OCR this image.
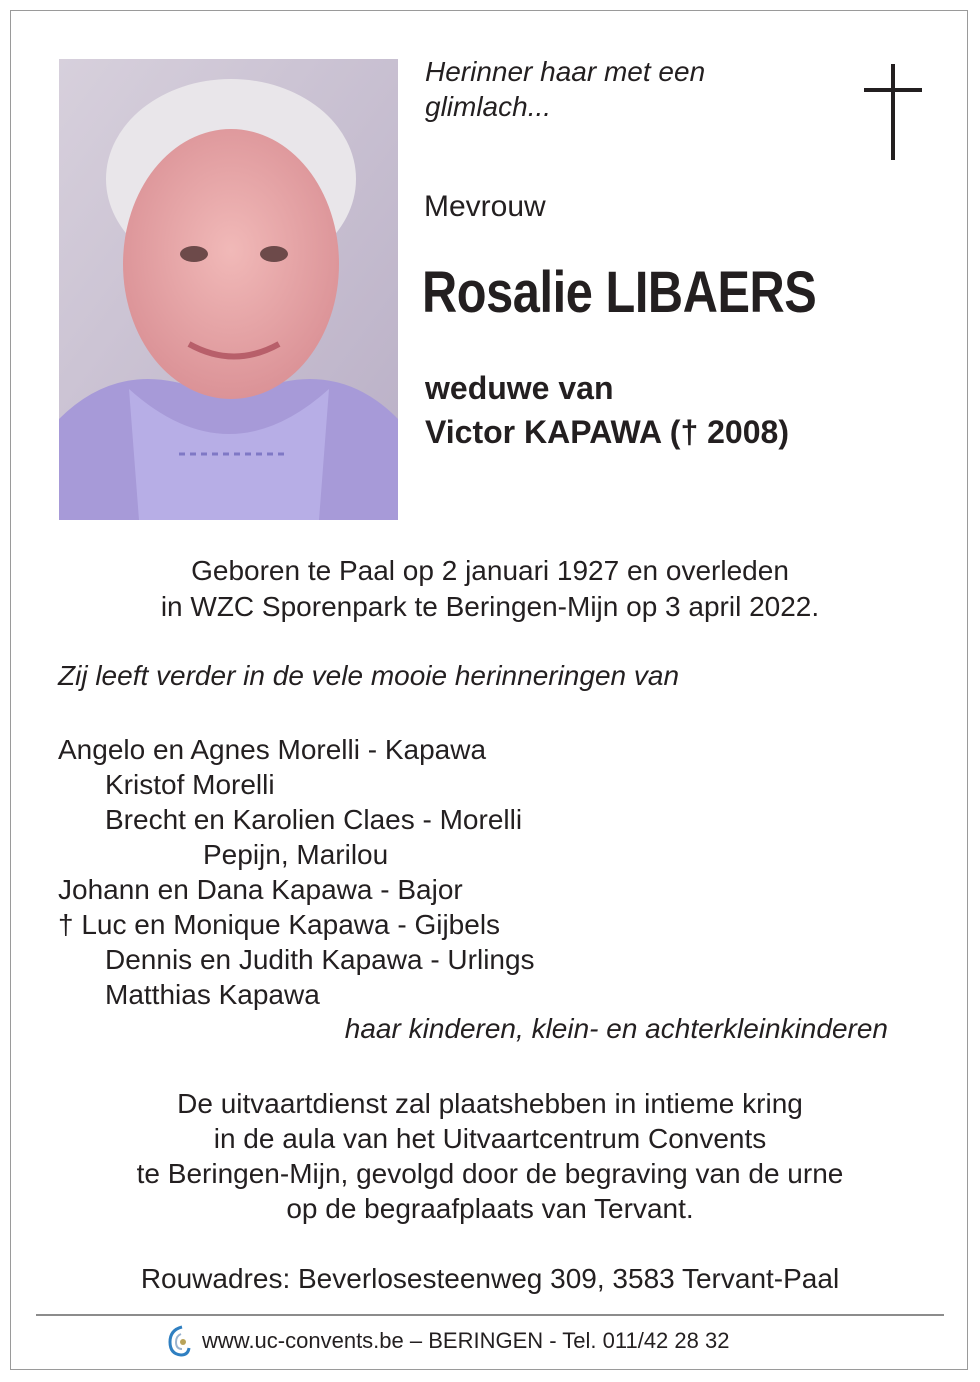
Herinner haar met een
glimlach...
Mevrouw
Rosalie LIBAERS
weduwe van
Victor KAPAWA († 2008)
Geboren te Paal op 2 januari 1927 en overleden
in WZC Sporenpark te Beringen-Mijn op 3 april 2022.
Zij leeft verder in de vele mooie herinneringen van
Angelo en Agnes Morelli - Kapawa
Kristof Morelli
Brecht en Karolien Claes - Morelli
Pepijn, Marilou
Johann en Dana Kapawa - Bajor
† Luc en Monique Kapawa - Gijbels
Dennis en Judith Kapawa - Urlings
Matthias Kapawa
haar kinderen, klein- en achterkleinkinderen
De uitvaartdienst zal plaatshebben in intieme kring
in de aula van het Uitvaartcentrum Convents
te Beringen-Mijn, gevolgd door de begraving van de urne
op de begraafplaats van Tervant.
Rouwadres: Beverlosesteenweg 309, 3583 Tervant-Paal
www.uc-convents.be – BERINGEN - Tel. 011/42 28 32
